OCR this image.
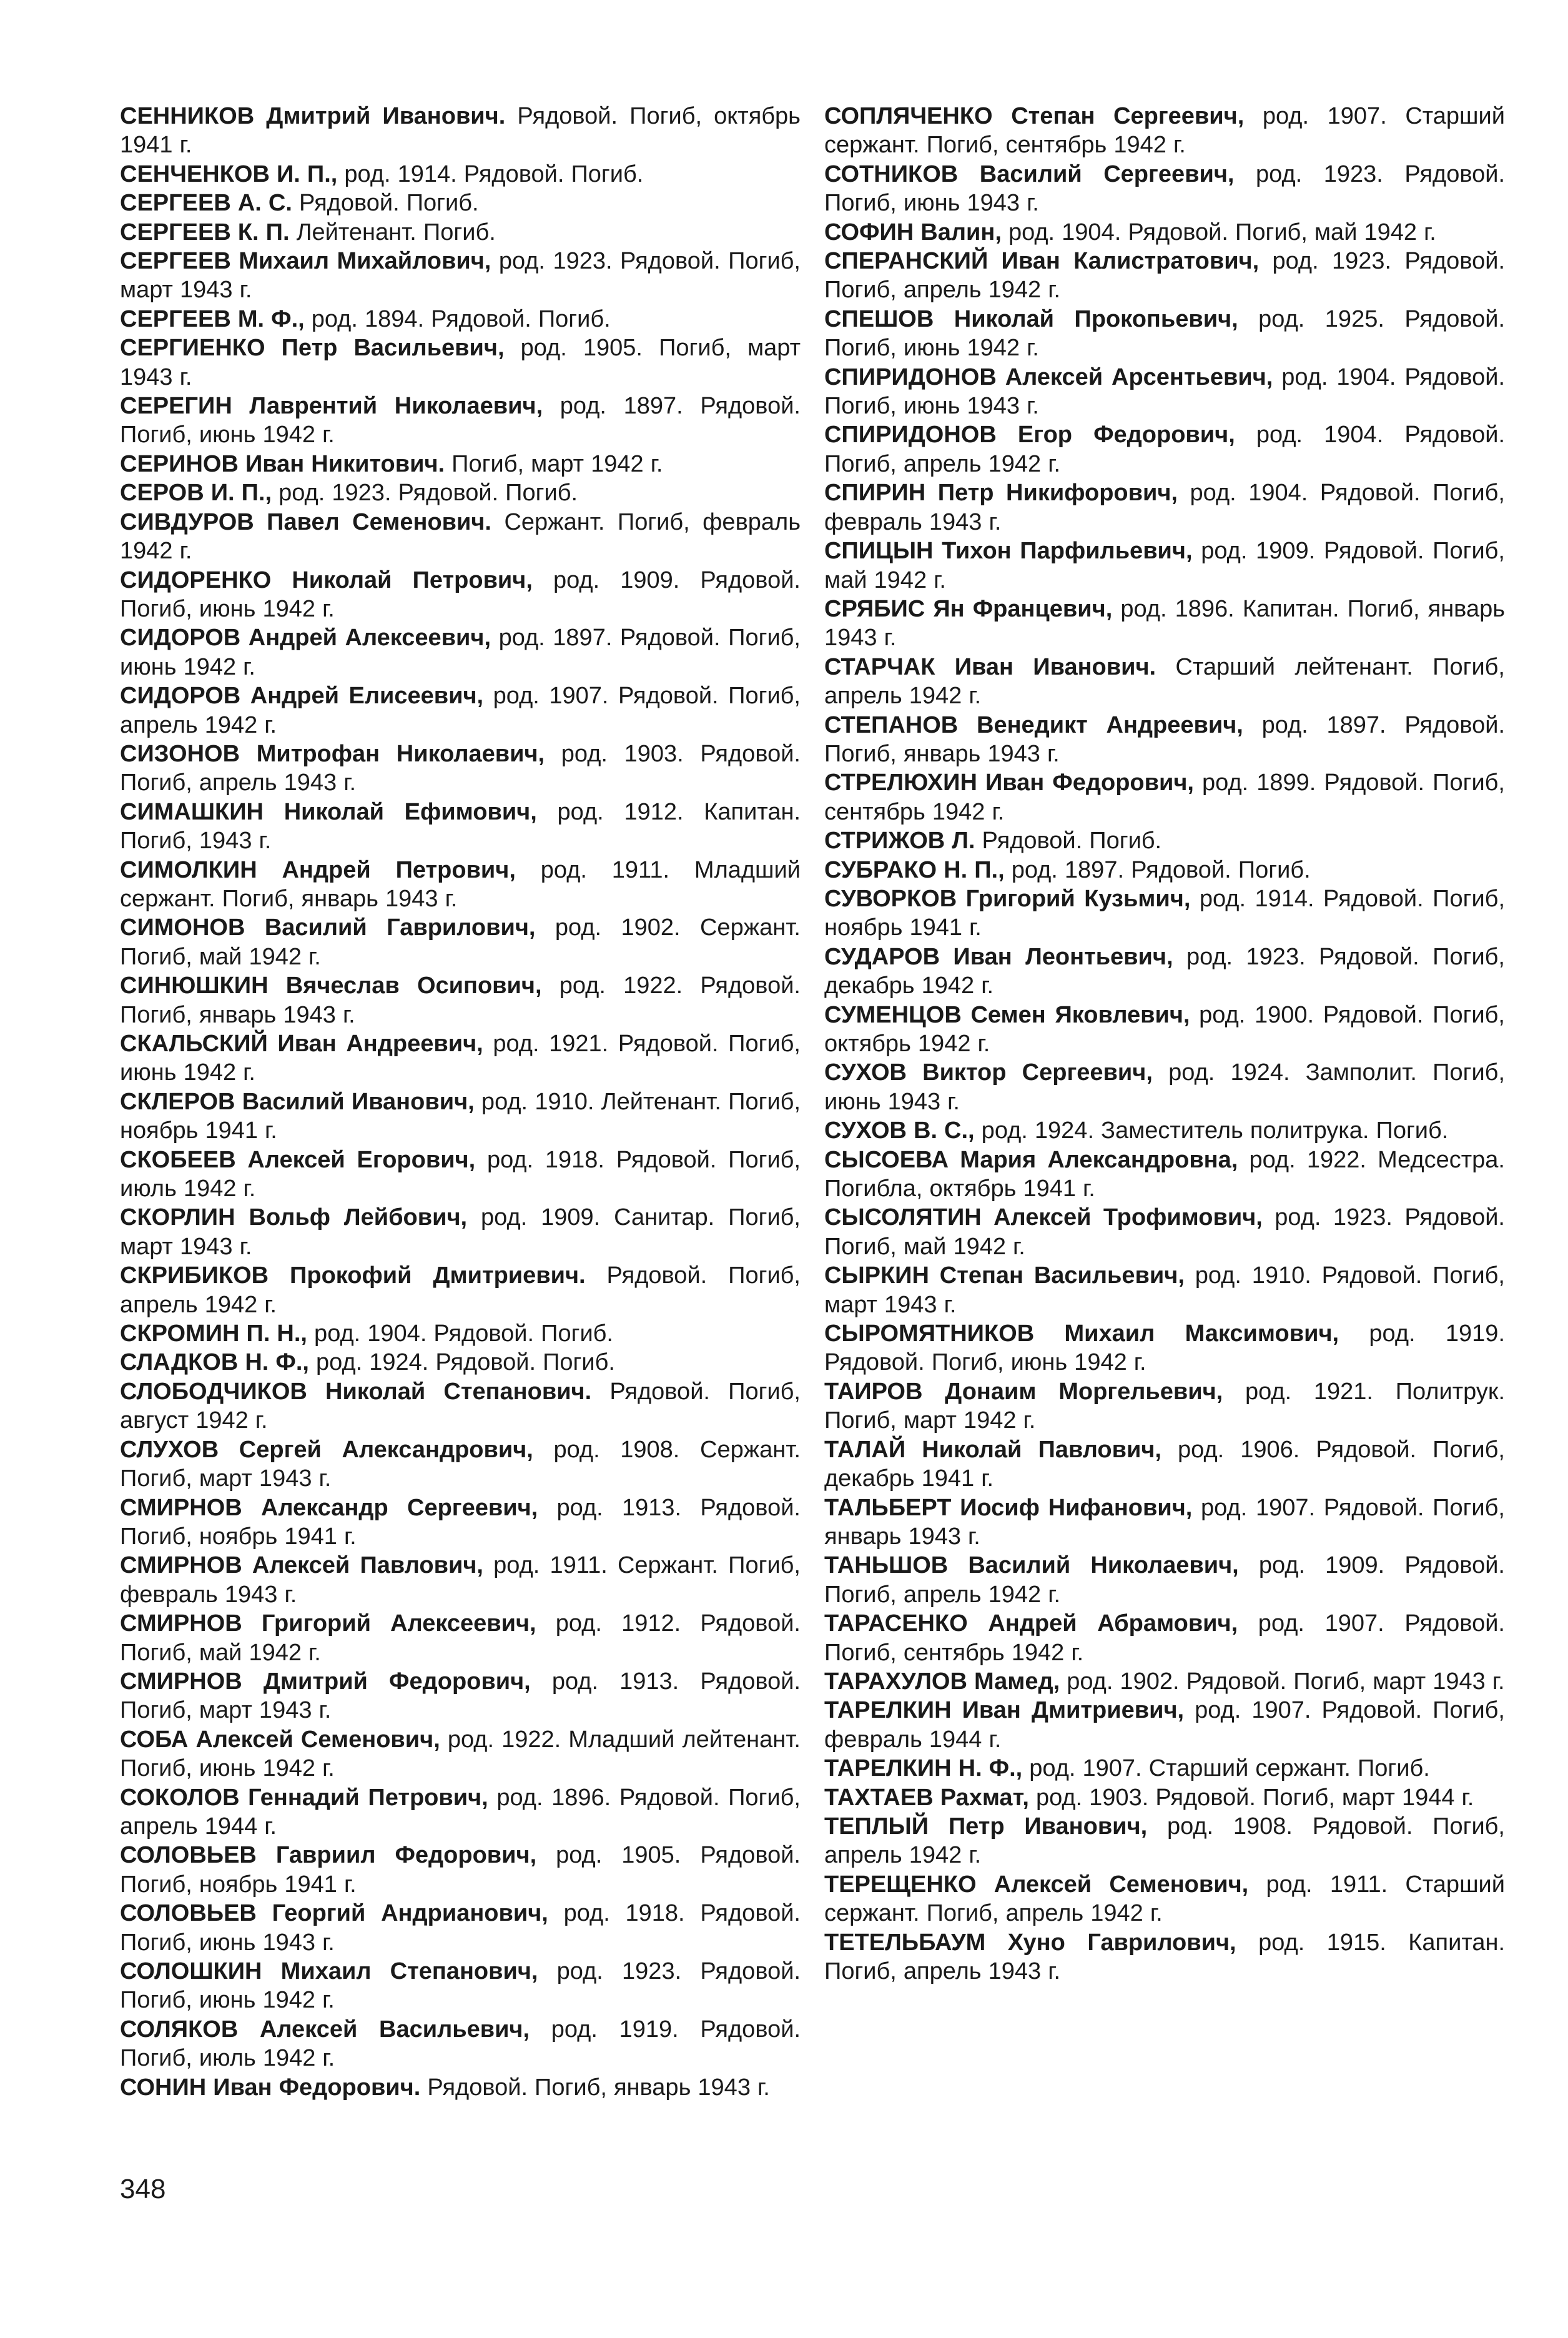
СЕННИКОВ Дмитрий Иванович. Рядовой. Погиб, октябрь 1941 г.

СЕНЧЕНКОВ И. П., род. 1914. Рядовой. Погиб.

СЕРГЕЕВ А. С. Рядовой. Погиб.

СЕРГЕЕВ К. П. Лейтенант. Погиб.

СЕРГЕЕВ Михаил Михайлович, род. 1923. Рядовой. Погиб, март 1943 г.

СЕРГЕЕВ М. Ф., род. 1894. Рядовой. Погиб.

СЕРГИЕНКО Петр Васильевич, род. 1905. Погиб, март 1943 г.

СЕРЕГИН Лаврентий Николаевич, род. 1897. Рядовой. Погиб, июнь 1942 г.

СЕРИНОВ Иван Никитович. Погиб, март 1942 г.

СЕРОВ И. П., род. 1923. Рядовой. Погиб.

СИВДУРОВ Павел Семенович. Сержант. Погиб, февраль 1942 г.

СИДОРЕНКО Николай Петрович, род. 1909. Рядовой. Погиб, июнь 1942 г.

СИДОРОВ Андрей Алексеевич, род. 1897. Рядовой. Погиб, июнь 1942 г.

СИДОРОВ Андрей Елисеевич, род. 1907. Рядовой. Погиб, апрель 1942 г.

СИЗОНОВ Митрофан Николаевич, род. 1903. Рядовой. Погиб, апрель 1943 г.

СИМАШКИН Николай Ефимович, род. 1912. Капитан. Погиб, 1943 г.

СИМОЛКИН Андрей Петрович, род. 1911. Младший сержант. Погиб, январь 1943 г.

СИМОНОВ Василий Гаврилович, род. 1902. Сержант. Погиб, май 1942 г.

СИНЮШКИН Вячеслав Осипович, род. 1922. Рядовой. Погиб, январь 1943 г.

СКАЛЬСКИЙ Иван Андреевич, род. 1921. Рядовой. Погиб, июнь 1942 г.

СКЛЕРОВ Василий Иванович, род. 1910. Лейтенант. Погиб, ноябрь 1941 г.

СКОБЕЕВ Алексей Егорович, род. 1918. Рядовой. Погиб, июль 1942 г.

СКОРЛИН Вольф Лейбович, род. 1909. Санитар. Погиб, март 1943 г.

СКРИБИКОВ Прокофий Дмитриевич. Рядовой. Погиб, апрель 1942 г.

СКРОМИН П. Н., род. 1904. Рядовой. Погиб.

СЛАДКОВ Н. Ф., род. 1924. Рядовой. Погиб.

СЛОБОДЧИКОВ Николай Степанович. Рядовой. Погиб, август 1942 г.

СЛУХОВ Сергей Александрович, род. 1908. Сержант. Погиб, март 1943 г.

СМИРНОВ Александр Сергеевич, род. 1913. Рядовой. Погиб, ноябрь 1941 г.

СМИРНОВ Алексей Павлович, род. 1911. Сержант. Погиб, февраль 1943 г.

СМИРНОВ Григорий Алексеевич, род. 1912. Рядовой. Погиб, май 1942 г.

СМИРНОВ Дмитрий Федорович, род. 1913. Рядовой. Погиб, март 1943 г.

СОБА Алексей Семенович, род. 1922. Младший лейтенант. Погиб, июнь 1942 г.

СОКОЛОВ Геннадий Петрович, род. 1896. Рядовой. Погиб, апрель 1944 г.

СОЛОВЬЕВ Гавриил Федорович, род. 1905. Рядовой. Погиб, ноябрь 1941 г.

СОЛОВЬЕВ Георгий Андрианович, род. 1918. Рядовой. Погиб, июнь 1943 г.

СОЛОШКИН Михаил Степанович, род. 1923. Рядовой. Погиб, июнь 1942 г.

СОЛЯКОВ Алексей Васильевич, род. 1919. Рядовой. Погиб, июль 1942 г.

СОНИН Иван Федорович. Рядовой. Погиб, январь 1943 г.

СОПЛЯЧЕНКО Степан Сергеевич, род. 1907. Старший сержант. Погиб, сентябрь 1942 г.

СОТНИКОВ Василий Сергеевич, род. 1923. Рядовой. Погиб, июнь 1943 г.

СОФИН Валин, род. 1904. Рядовой. Погиб, май 1942 г.

СПЕРАНСКИЙ Иван Калистратович, род. 1923. Рядовой. Погиб, апрель 1942 г.

СПЕШОВ Николай Прокопьевич, род. 1925. Рядовой. Погиб, июнь 1942 г.

СПИРИДОНОВ Алексей Арсентьевич, род. 1904. Рядовой. Погиб, июнь 1943 г.

СПИРИДОНОВ Егор Федорович, род. 1904. Рядовой. Погиб, апрель 1942 г.

СПИРИН Петр Никифорович, род. 1904. Рядовой. Погиб, февраль 1943 г.

СПИЦЫН Тихон Парфильевич, род. 1909. Рядовой. Погиб, май 1942 г.

СРЯБИС Ян Францевич, род. 1896. Капитан. Погиб, январь 1943 г.

СТАРЧАК Иван Иванович. Старший лейтенант. Погиб, апрель 1942 г.

СТЕПАНОВ Венедикт Андреевич, род. 1897. Рядовой. Погиб, январь 1943 г.

СТРЕЛЮХИН Иван Федорович, род. 1899. Рядовой. Погиб, сентябрь 1942 г.

СТРИЖОВ Л. Рядовой. Погиб.

СУБРАКО Н. П., род. 1897. Рядовой. Погиб.

СУВОРКОВ Григорий Кузьмич, род. 1914. Рядовой. Погиб, ноябрь 1941 г.

СУДАРОВ Иван Леонтьевич, род. 1923. Рядовой. Погиб, декабрь 1942 г.

СУМЕНЦОВ Семен Яковлевич, род. 1900. Рядовой. Погиб, октябрь 1942 г.

СУХОВ Виктор Сергеевич, род. 1924. Замполит. Погиб, июнь 1943 г.

СУХОВ В. С., род. 1924. Заместитель политрука. Погиб.

СЫСОЕВА Мария Александровна, род. 1922. Медсестра. Погибла, октябрь 1941 г.

СЫСОЛЯТИН Алексей Трофимович, род. 1923. Рядовой. Погиб, май 1942 г.

СЫРКИН Степан Васильевич, род. 1910. Рядовой. Погиб, март 1943 г.

СЫРОМЯТНИКОВ Михаил Максимович, род. 1919. Рядовой. Погиб, июнь 1942 г.

ТАИРОВ Донаим Моргельевич, род. 1921. Политрук. Погиб, март 1942 г.

ТАЛАЙ Николай Павлович, род. 1906. Рядовой. Погиб, декабрь 1941 г.

ТАЛЬБЕРТ Иосиф Нифанович, род. 1907. Рядовой. Погиб, январь 1943 г.

ТАНЬШОВ Василий Николаевич, род. 1909. Рядовой. Погиб, апрель 1942 г.

ТАРАСЕНКО Андрей Абрамович, род. 1907. Рядовой. Погиб, сентябрь 1942 г.

ТАРАХУЛОВ Мамед, род. 1902. Рядовой. Погиб, март 1943 г.

ТАРЕЛКИН Иван Дмитриевич, род. 1907. Рядовой. Погиб, февраль 1944 г.

ТАРЕЛКИН Н. Ф., род. 1907. Старший сержант. Погиб.

ТАХТАЕВ Рахмат, род. 1903. Рядовой. Погиб, март 1944 г.

ТЕПЛЫЙ Петр Иванович, род. 1908. Рядовой. Погиб, апрель 1942 г.

ТЕРЕЩЕНКО Алексей Семенович, род. 1911. Старший сержант. Погиб, апрель 1942 г.

ТЕТЕЛЬБАУМ Хуно Гаврилович, род. 1915. Капитан. Погиб, апрель 1943 г.

348
